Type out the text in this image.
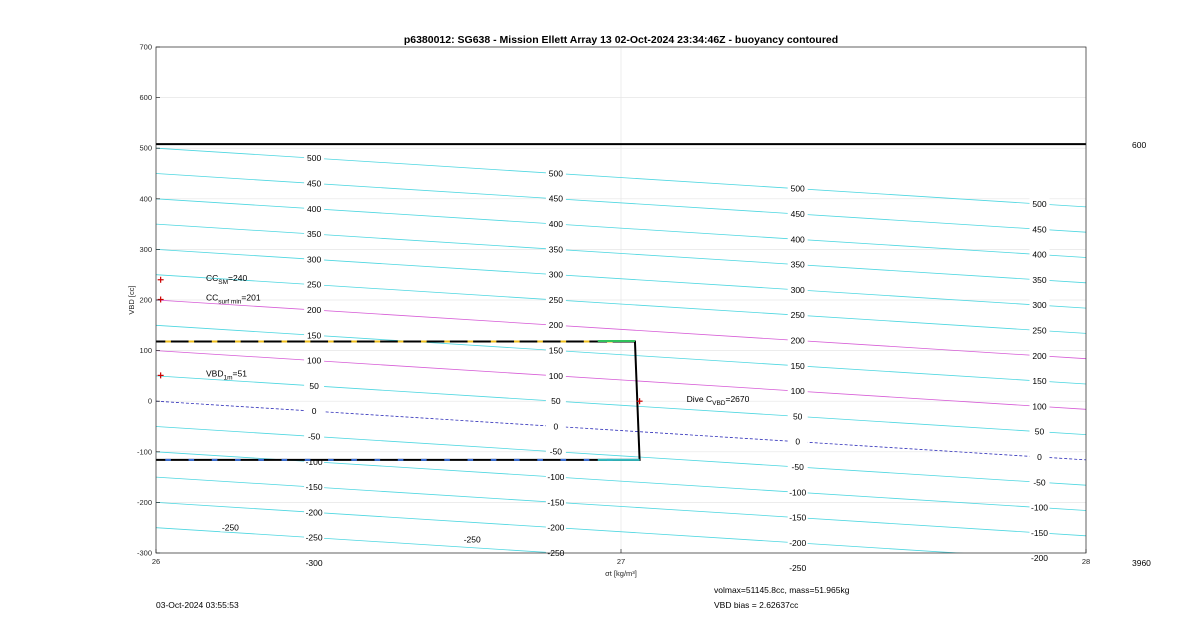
p6380012: SG638 - Mission Ellett Array 13 02-Oct-2024 23:34:46Z - buoyancy contoured
500
450
400
350
300
250
200
150
100
50
0
-50
-100
-150
-200
-250
-300
500
450
400
350
300
250
200
150
100
50
0
-50
-100
-150
-200
-250
500
450
400
350
300
250
200
150
100
50
0
-50
-100
-150
-200
-250
500
450
400
350
300
250
200
150
100
50
0
-50
-100
-150
-200
-250
-250
$CC_{SM}=240$
$CC_{surf min}=201$
$VBD_{1m}=51$
Dive $C_{VBD}=2670$
-300
-200
-100
0
100
200
300
400
500
600
700
26	27	28
σt [kg/m³]
VBD [cc]
600
3960
03-Oct-2024 03:55:53
volmax=51145.8cc, mass=51.965kg
VBD bias = 2.62637cc
